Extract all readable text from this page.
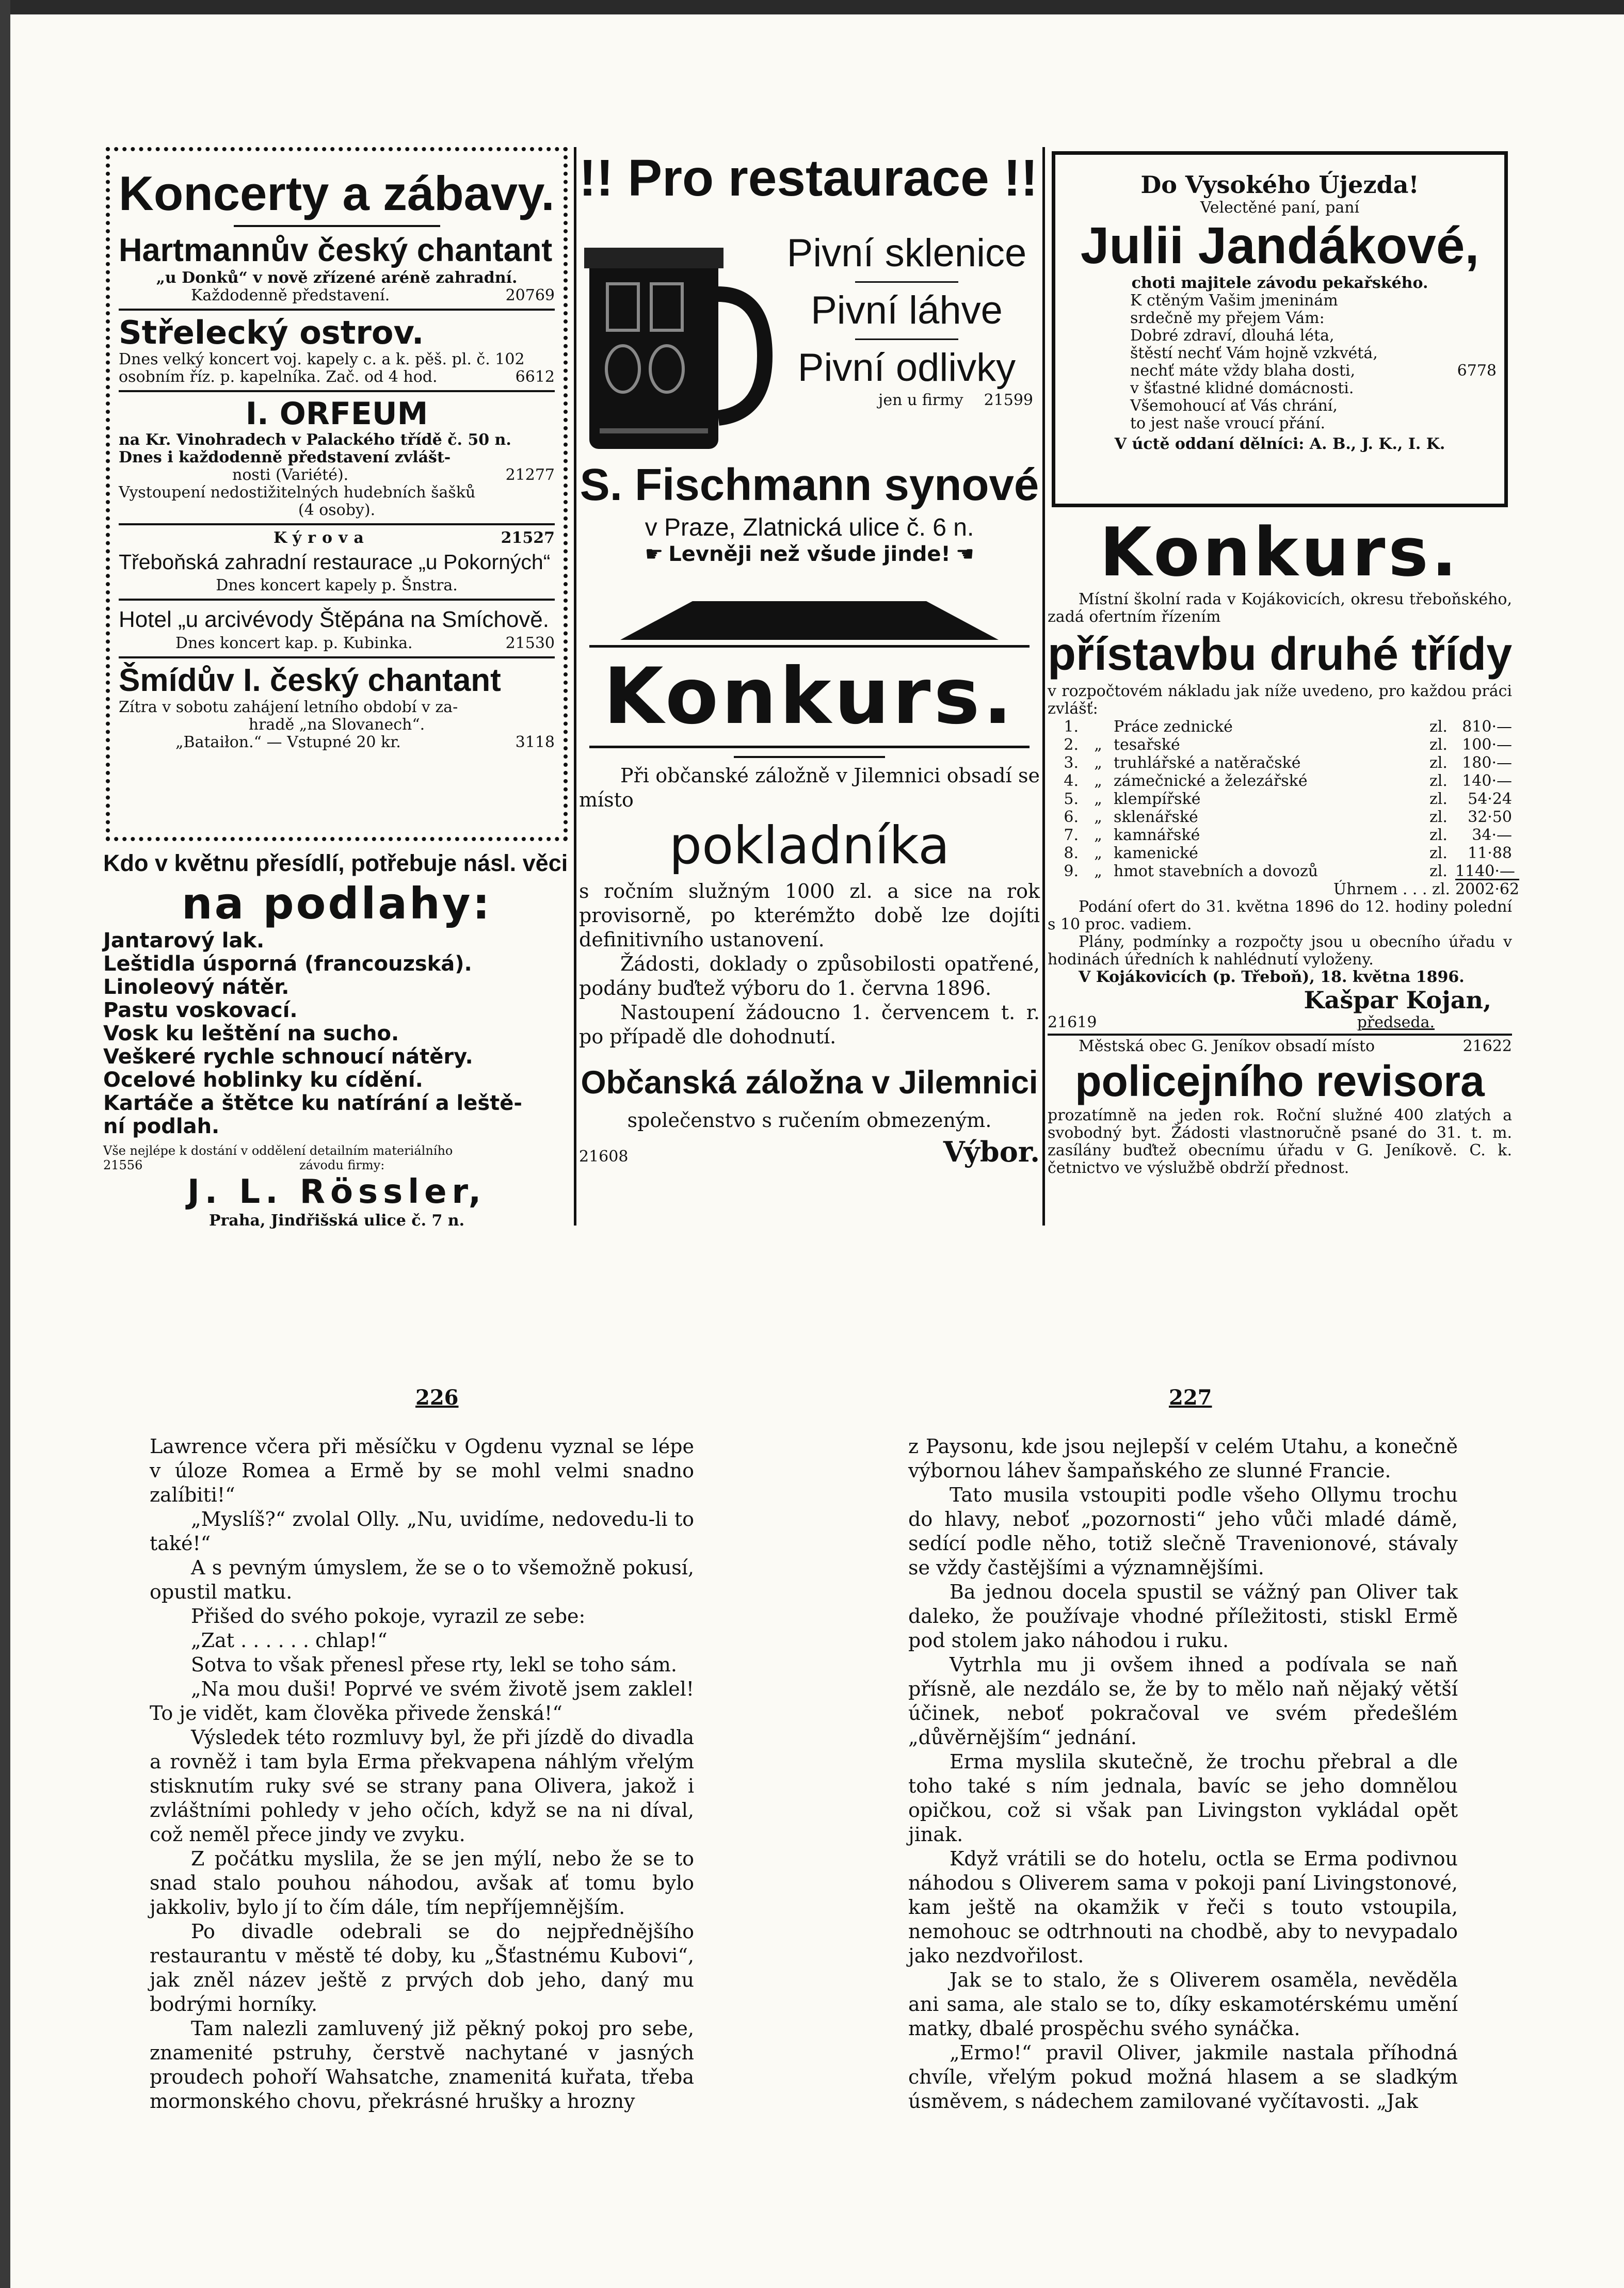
Koncerty a zábavy.
Hartmannův český chantant
„u Donků“ v nově zřízené aréně zahradní.
Každodenně představení.	20769
Střelecký ostrov.
Dnes velký koncert voj. kapely c. a k. pěš. pl. č. 102
osobním říz. p. kapelníka. Zač. od 4 hod.	6612
I. ORFEUM
na Kr. Vinohradech v Palackého třídě č. 50 n.
Dnes i každodenně představení zvlášt-
nosti (Variété).	21277
Vystoupení nedostižitelných hudebních šašků
(4 osoby).
Kýrova	21527
Třeboňská zahradní restaurace „u Pokorných“
Dnes koncert kapely p. Šnstra.
Hotel „u arcivévody Štěpána na Smíchově.
Dnes koncert kap. p. Kubinka.	21530
Šmídův I. český chantant
Zítra v sobotu zahájení letního období v za-
hradě „na Slovanech“.
„Bataiłon.“ — Vstupné 20 kr.	3118
Kdo v květnu přesídlí, potřebuje násl. věci
na podlahy:
Jantarový lak.
Leštidla úsporná (francouzská).
Linoleový nátěr.
Pastu voskovací.
Vosk ku leštění na sucho.
Veškeré rychle schnoucí nátěry.
Ocelové hoblinky ku cídění.
Kartáče a štětce ku natírání a leště-
ní podlah.
Vše nejlépe k dostání v oddělení detailním materiálního
21556	závodu firmy:
J. L. Rössler,
Praha, Jindřišská ulice č. 7 n.
!! Pro restaurace !!
Pivní sklenice
Pivní láhve
Pivní odlivky
jen u firmy 21599
S. Fischmann synové
v Praze, Zlatnická ulice č. 6 n.
☛ Levněji než všude jinde! ☛
Konkurs.

Při občanské záložně v Jilemnici obsadí se místo

pokladníka

s ročním služným 1000 zl. a sice na rok provisorně, po kterémžto době lze dojíti definitivního ustanovení.

Žádosti, doklady o způsobilosti opatřené, podány buďtež výboru do 1. června 1896.

Nastoupení žádoucno 1. červencem t. r. po případě dle dohodnutí.

Občanská záložna v Jilemnici
společenstvo s ručením obmezeným.
21608	Výbor.
Do Vysokého Újezda!
Velectěné paní, paní
Julii Jandákové,
choti majitele závodu pekařského.
K ctěným Vašim jmeninám
srdečně my přejem Vám:
Dobré zdraví, dlouhá léta,
štěstí nechť Vám hojně vzkvétá,
nechť máte vždy blaha dosti,	6778
v šťastné klidné domácnosti.
Všemohoucí ať Vás chrání,
to jest naše vroucí přání.
V úctě oddaní dělníci: A. B., J. K., I. K.
Konkurs.
Místní školní rada v Kojákovicích, okresu třeboňského, zadá ofertním řízením
přístavbu druhé třídy
v rozpočtovém nákladu jak níže uvedeno, pro každou práci zvlášť:
1. Práce zednické	zl. 810·—
2.	„ tesařské	zl. 100·—
3.	„ truhlářské a natěračské	zl. 180·—
4.	„ zámečnické a železářské	zl. 140·—
5.	„ klempířské	zl.	54·24
6.	„ sklenářské	zl.	32·50
7.	„ kamnářské	zl.	34·—
8.	„ kamenické	zl.	11·88
9.	„ hmot stavebních a dovozů	zl. 1140·—
Úhrnem . . . zl. 2002·62
Podání ofert do 31. května 1896 do 12. hodiny polední s 10 proc. vadiem.
Plány, podmínky a rozpočty jsou u obecního úřadu v hodinách úředních k nahlédnutí vyloženy.
V Kojákovicích (p. Třeboň), 18. května 1896.
Kašpar Kojan,
21619	předseda.
Městská obec G. Jeníkov obsadí místo	21622
policejního revisora
prozatímně na jeden rok. Roční služné 400 zlatých a svobodný byt. Žádosti vlastnoručně psané do 31. t. m. zasílány buďtež obecnímu úřadu v G. Jeníkově. C. k. četnictvo ve výslužbě obdrží přednost.
226	227

Lawrence včera při měsíčku v Ogdenu vyznal se lépe v úloze Romea a Ermě by se mohl velmi snadno zalíbiti!“

„Myslíš?“ zvolal Olly. „Nu, uvidíme, nedovedu-li to také!“

A s pevným úmyslem, že se o to všemožně pokusí, opustil matku.

Přišed do svého pokoje, vyrazil ze sebe:

„Zat . . . . . . chlap!“

Sotva to však přenesl přese rty, lekl se toho sám.

„Na mou duši! Poprvé ve svém životě jsem zaklel! To je vidět, kam člověka přivede ženská!“

Výsledek této rozmluvy byl, že při jízdě do divadla a rovněž i tam byla Erma překvapena náhlým vřelým stisknutím ruky své se strany pana Olivera, jakož i zvláštními pohledy v jeho očích, když se na ni díval, což neměl přece jindy ve zvyku.

Z počátku myslila, že se jen mýlí, nebo že se to snad stalo pouhou náhodou, avšak ať tomu bylo jakkoliv, bylo jí to čím dále, tím nepříjemnějším.

Po divadle odebrali se do nejpřednějšího restaurantu v městě té doby, ku „Šťastnému Kubovi“, jak zněl název ještě z prvých dob jeho, daný mu bodrými horníky.

Tam nalezli zamluvený již pěkný pokoj pro sebe, znamenité pstruhy, čerstvě nachytané v jasných proudech pohoří Wahsatche, znamenitá kuřata, třeba mormonského chovu, překrásné hrušky a hrozny

z Paysonu, kde jsou nejlepší v celém Utahu, a konečně výbornou láhev šampaňského ze slunné Francie.

Tato musila vstoupiti podle všeho Ollymu trochu do hlavy, neboť „pozornosti“ jeho vůči mladé dámě, sedící podle něho, totiž slečně Travenionové, stávaly se vždy častějšími a významnějšími.

Ba jednou docela spustil se vážný pan Oliver tak daleko, že používaje vhodné příležitosti, stiskl Ermě pod stolem jako náhodou i ruku.

Vytrhla mu ji ovšem ihned a podívala se naň přísně, ale nezdálo se, že by to mělo naň nějaký větší účinek, neboť pokračoval ve svém předešlém „důvěrnějším“ jednání.

Erma myslila skutečně, že trochu přebral a dle toho také s ním jednala, bavíc se jeho domnělou opičkou, což si však pan Livingston vykládal opět jinak.

Když vrátili se do hotelu, octla se Erma podivnou náhodou s Oliverem sama v pokoji paní Livingstonové, kam ještě na okamžik v řeči s touto vstoupila, nemohouc se odtrhnouti na chodbě, aby to nevypadalo jako nezdvořilost.

Jak se to stalo, že s Oliverem osaměla, nevěděla ani sama, ale stalo se to, díky eskamotérskému umění matky, dbalé prospěchu svého synáčka.

„Ermo!“ pravil Oliver, jakmile nastala příhodná chvíle, vřelým pokud možná hlasem a se sladkým úsměvem, s nádechem zamilované vyčítavosti. „Jak
